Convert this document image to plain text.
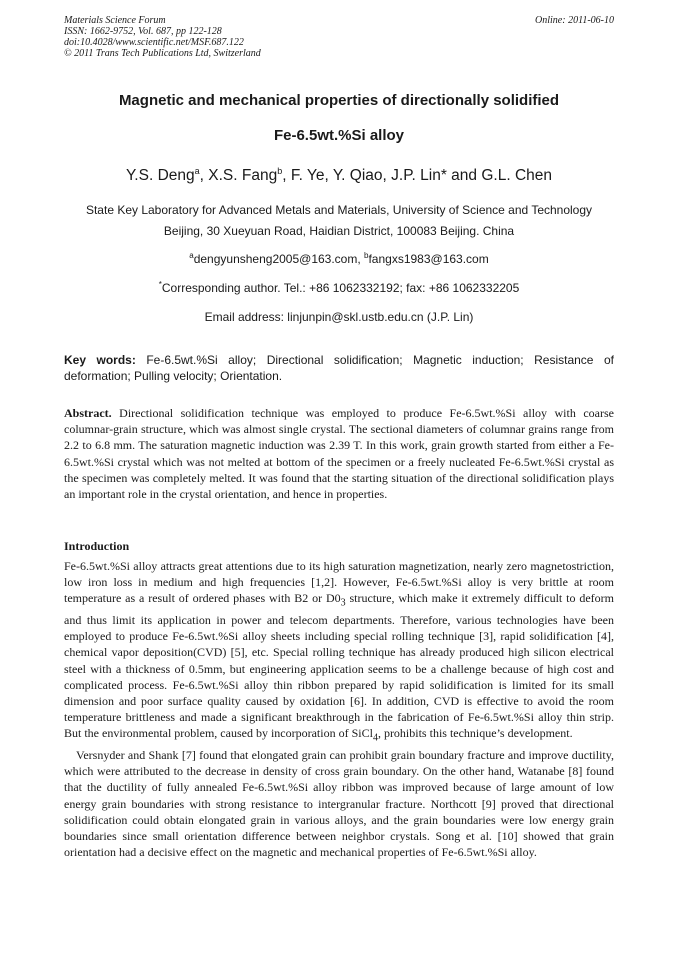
Materials Science Forum
ISSN: 1662-9752, Vol. 687, pp 122-128
doi:10.4028/www.scientific.net/MSF.687.122
© 2011 Trans Tech Publications Ltd, Switzerland
Online: 2011-06-10
Magnetic and mechanical properties of directionally solidified
Fe-6.5wt.%Si alloy
Y.S. Deng$^a$, X.S. Fang$^b$, F. Ye, Y. Qiao, J.P. Lin* and G.L. Chen
State Key Laboratory for Advanced Metals and Materials, University of Science and Technology
Beijing, 30 Xueyuan Road, Haidian District, 100083 Beijing. China
$^a$dengyunsheng2005@163.com, $^b$fangxs1983@163.com
*Corresponding author. Tel.: +86 1062332192; fax: +86 1062332205
Email address: linjunpin@skl.ustb.edu.cn (J.P. Lin)
Key words: Fe-6.5wt.%Si alloy; Directional solidification; Magnetic induction; Resistance of deformation; Pulling velocity; Orientation.
Abstract. Directional solidification technique was employed to produce Fe-6.5wt.%Si alloy with coarse columnar-grain structure, which was almost single crystal. The sectional diameters of columnar grains range from 2.2 to 6.8 mm. The saturation magnetic induction was 2.39 T. In this work, grain growth started from either a Fe-6.5wt.%Si crystal which was not melted at bottom of the specimen or a freely nucleated Fe-6.5wt.%Si crystal as the specimen was completely melted. It was found that the starting situation of the directional solidification plays an important role in the crystal orientation, and hence in properties.
Introduction

Fe-6.5wt.%Si alloy attracts great attentions due to its high saturation magnetization, nearly zero magnetostriction, low iron loss in medium and high frequencies [1,2]. However, Fe-6.5wt.%Si alloy is very brittle at room temperature as a result of ordered phases with B2 or $D0_3$ structure, which make it extremely difficult to deform and thus limit its application in power and telecom departments. Therefore, various technologies have been employed to produce Fe-6.5wt.%Si alloy sheets including special rolling technique [3], rapid solidification [4], chemical vapor deposition(CVD) [5], etc. Special rolling technique has already produced high silicon electrical steel with a thickness of 0.5mm, but engineering application seems to be a challenge because of high cost and complicated process. Fe-6.5wt.%Si alloy thin ribbon prepared by rapid solidification is limited for its small dimension and poor surface quality caused by oxidation [6]. In addition, CVD is effective to avoid the room temperature brittleness and made a significant breakthrough in the fabrication of Fe-6.5wt.%Si alloy thin strip. But the environmental problem, caused by incorporation of SiCl$_4$, prohibits this technique’s development.

Versnyder and Shank [7] found that elongated grain can prohibit grain boundary fracture and improve ductility, which were attributed to the decrease in density of cross grain boundary. On the other hand, Watanabe [8] found that the ductility of fully annealed Fe-6.5wt.%Si alloy ribbon was improved because of large amount of low energy grain boundaries with strong resistance to intergranular fracture. Northcott [9] proved that directional solidification could obtain elongated grain in various alloys, and the grain boundaries were low energy grain boundaries since small orientation difference between neighbor crystals. Song et al. [10] showed that grain orientation had a decisive effect on the magnetic and mechanical properties of Fe-6.5wt.%Si alloy.
